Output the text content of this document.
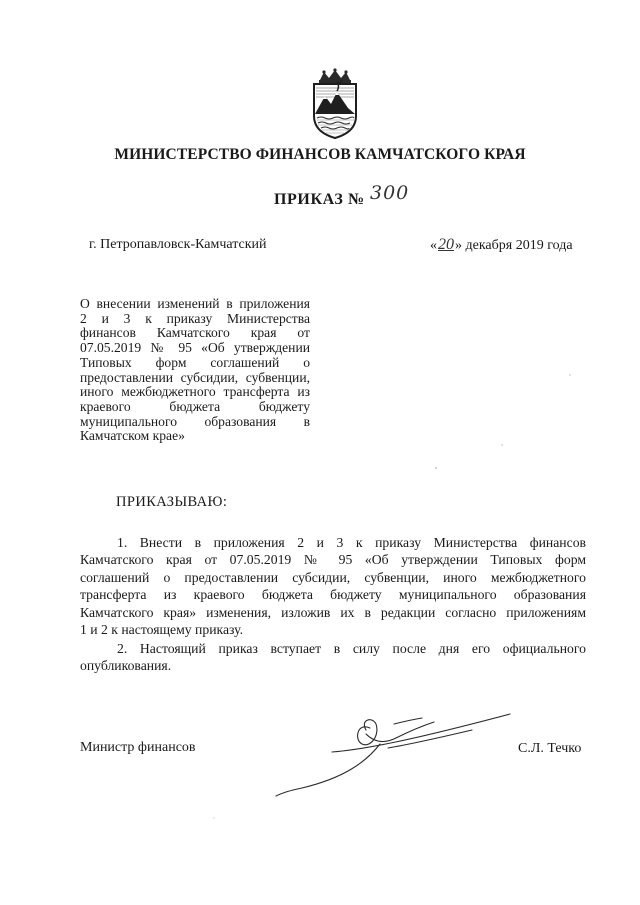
МИНИСТЕРСТВО ФИНАНСОВ КАМЧАТСКОГО КРАЯ
ПРИКАЗ № 300
г. Петропавловск-Камчатский	«20» декабря 2019 года
О внесении изменений в приложения
2 и 3 к приказу Министерства
финансов Камчатского края от
07.05.2019 № 95 «Об утверждении
Типовых форм соглашений о
предоставлении субсидии, субвенции,
иного межбюджетного трансферта из
краевого бюджета бюджету
муниципального образования в
Камчатском крае»
ПРИКАЗЫВАЮ:
1. Внести в приложения 2 и 3 к приказу Министерства финансов
Камчатского края от 07.05.2019 № 95 «Об утверждении Типовых форм
соглашений о предоставлении субсидии, субвенции, иного межбюджетного
трансферта из краевого бюджета бюджету муниципального образования
Камчатского края» изменения, изложив их в редакции согласно приложениям
1 и 2 к настоящему приказу.
2. Настоящий приказ вступает в силу после дня его официального
опубликования.
Министр финансов	С.Л. Течко
